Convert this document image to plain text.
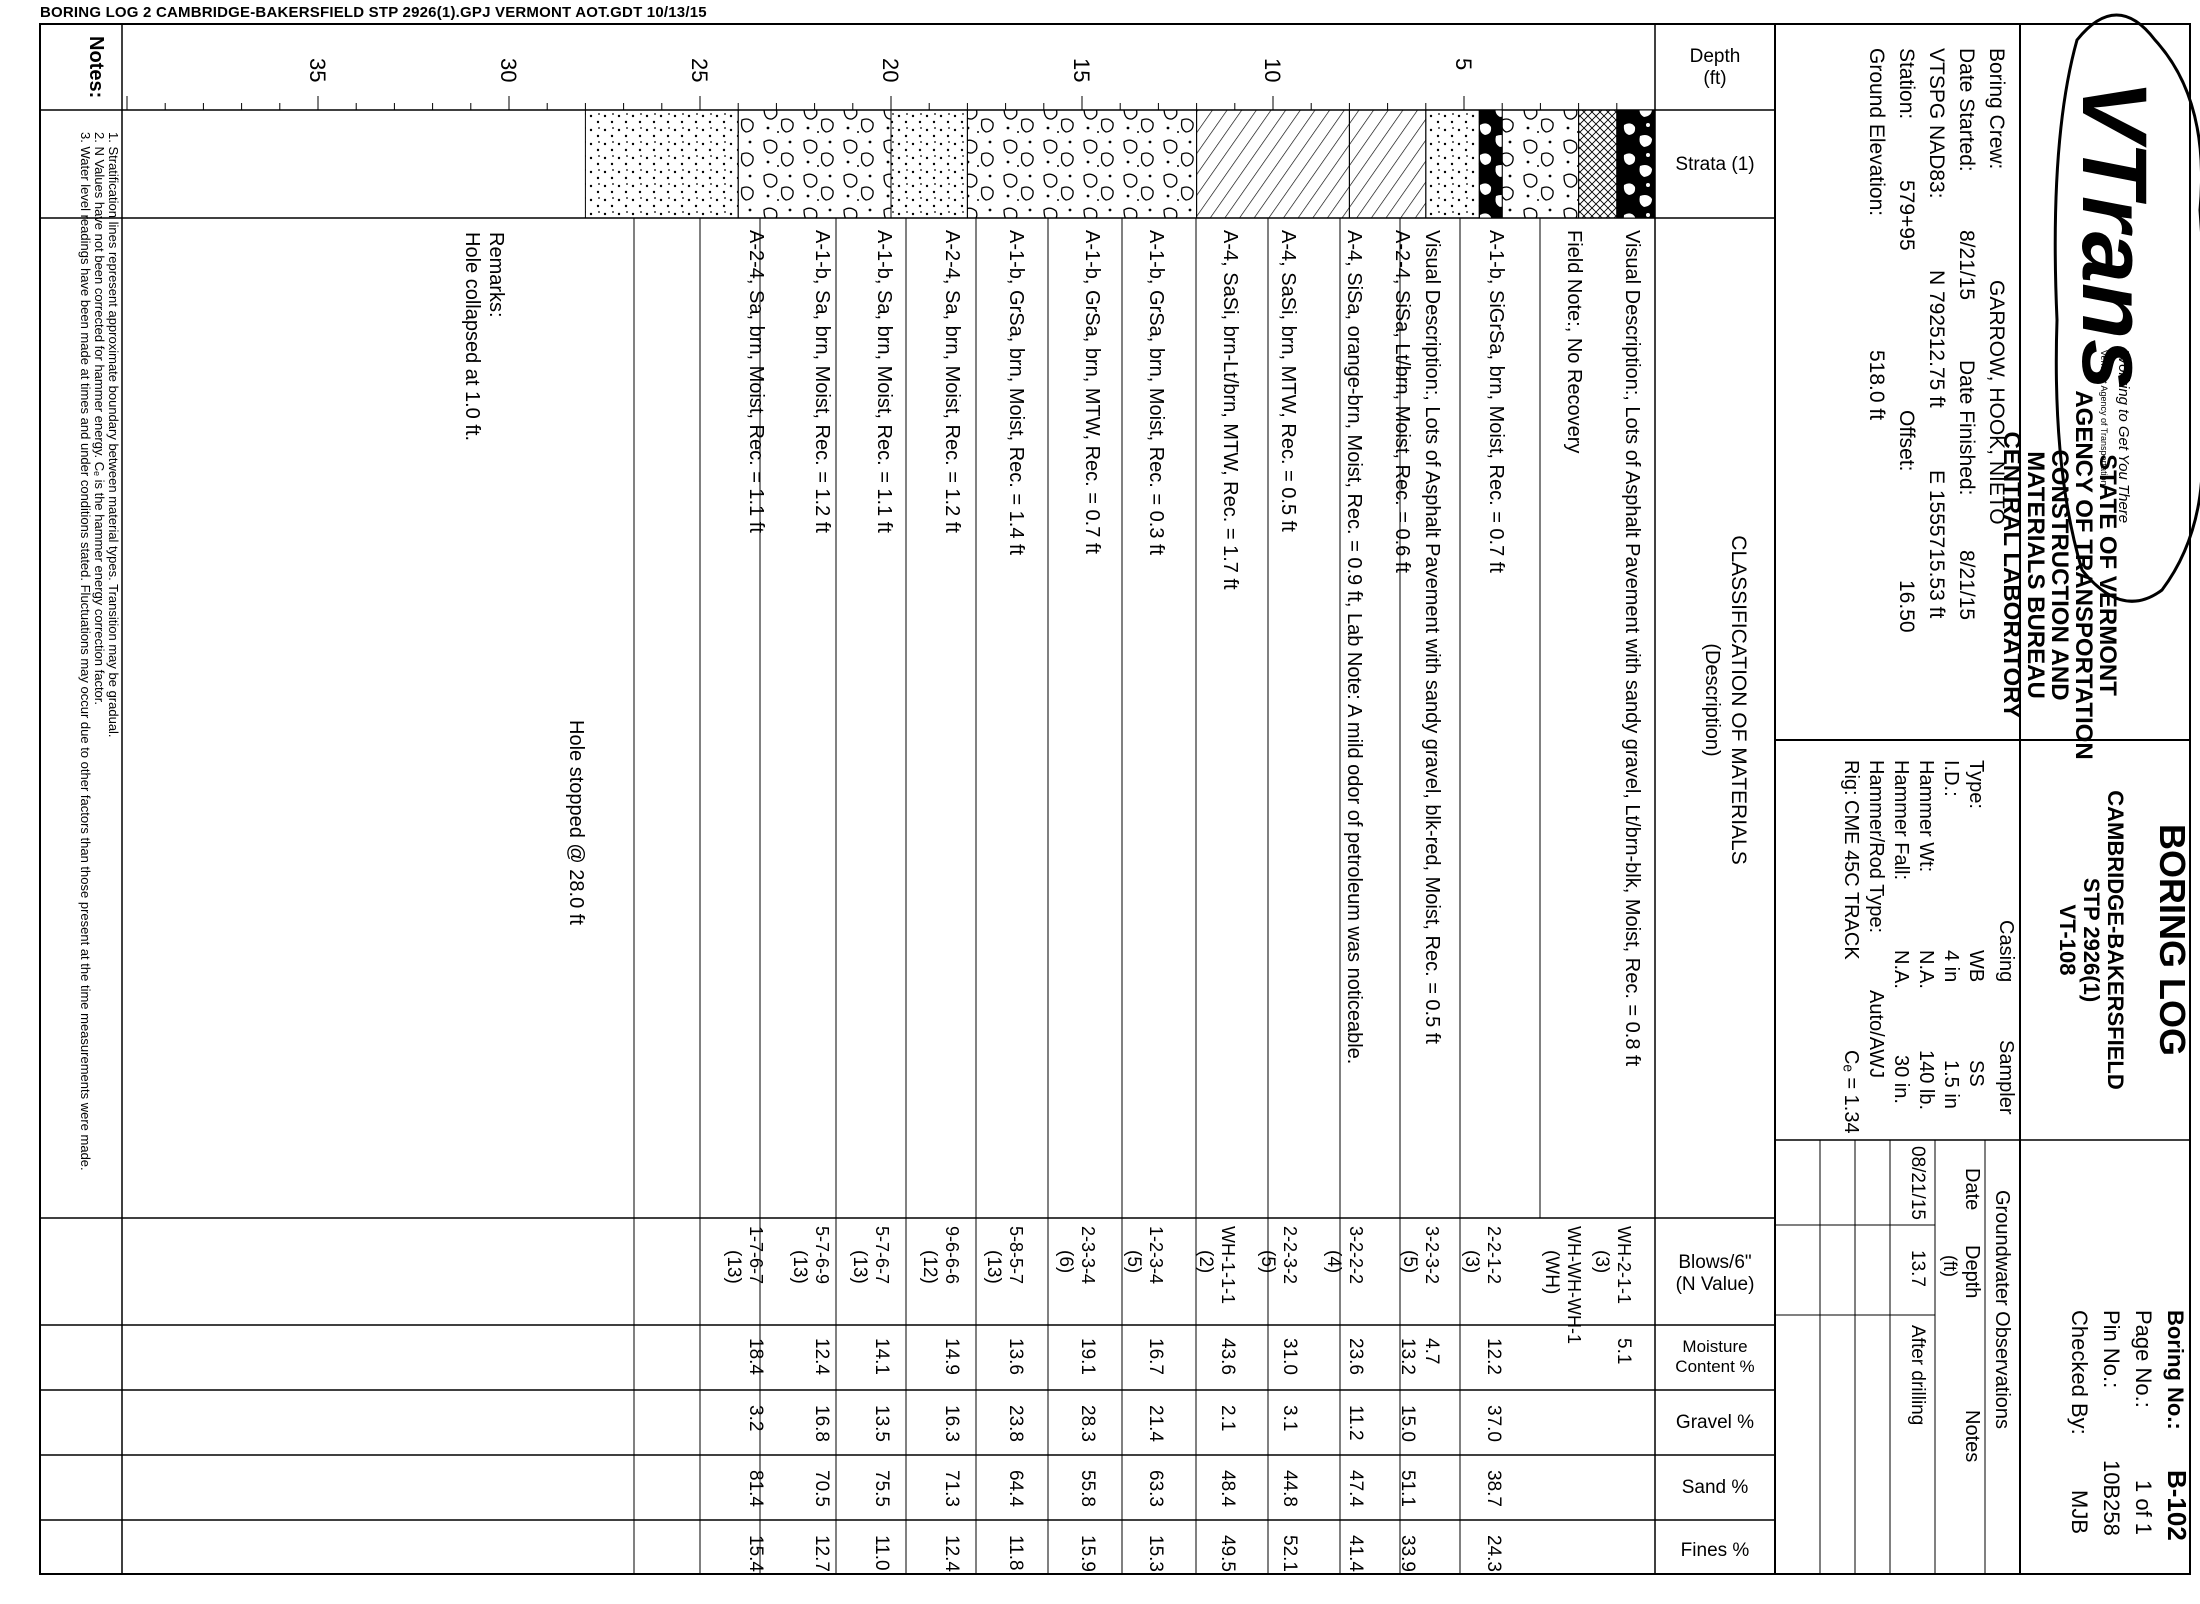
BORING LOG 2 CAMBRIDGE-BAKERSFIELD STP 2926(1).GPJ VERMONT AOT.GDT 10/13/15
VTrans
Working to Get You There
Vermont Agency of Transportation
STATE OF VERMONT
AGENCY OF TRANSPORTATION
CONSTRUCTION AND
MATERIALS BUREAU
CENTRAL LABORATORY
BORING LOG
CAMBRIDGE-BAKERSFIELD
STP 2926(1)
VT-108
Boring No.:
B-102
Page No.:
1 of 1
Pin No.:
10B258
Checked By:
MJB
Boring Crew:
GARROW, HOOK, NIETO
Date Started:
8/21/15
Date Finished:
8/21/15
VTSPG NAD83:
N 792512.75 ft
E 1555715.53 ft
Station:
579+95
Offset:
16.50
Ground Elevation:
518.0 ft
Casing
Sampler
Type:
WB
SS
I.D.:
4 in
1.5 in
Hammer Wt:
N.A.
140 lb.
Hammer Fall:
N.A.
30 in.
Hammer/Rod Type:
Auto/AWJ
Rig:
CME 45C TRACK
Cₑ = 1.34
Groundwater Observations
Date
Depth
(ft)
Notes
08/21/15
13.7
After drilling
Depth
(ft)
Strata (1)
CLASSIFICATION OF MATERIALS
(Description)
Blows/6"
(N Value)
Moisture
Content %
Gravel %
Sand %
Fines %
Notes:	5
10
15
20
25
30
35
Visual Description:, Lots of Asphalt Pavement with sandy gravel, Lt/brn-blk, Moist, Rec. = 0.8 ft
Field Note:, No Recovery
A-1-b, SiGrSa, brn, Moist, Rec. = 0.7 ft
Visual Description:, Lots of Asphalt Pavement with sandy gravel, blk-red, Moist, Rec. = 0.5 ft
A-2-4, SiSa, Lt/brn, Moist, Rec. = 0.6 ft
A-4, SiSa, orange-brn, Moist, Rec. = 0.9 ft, Lab Note: A mild odor of petroleum was noticeable.
A-4, SaSi, brn, MTW, Rec. = 0.5 ft
A-4, SaSi, brn-Lt/brn, MTW, Rec. = 1.7 ft
A-1-b, GrSa, brn, Moist, Rec. = 0.3 ft
A-1-b, GrSa, brn, MTW, Rec. = 0.7 ft
A-1-b, GrSa, brn, Moist, Rec. = 1.4 ft
A-2-4, Sa, brn, Moist, Rec. = 1.2 ft
A-1-b, Sa, brn, Moist, Rec. = 1.1 ft
A-1-b, Sa, brn, Moist, Rec. = 1.2 ft
A-2-4, Sa, brn, Moist, Rec. = 1.1 ft
WH-2-1-1
(3)
5.1
WH-WH-WH-1
(WH)
2-2-1-2
(3)
12.2
37.0
38.7
24.3
3-2-3-2
(5)
4.7
13.2
15.0
51.1
33.9
3-2-2-2
(4)
23.6
11.2
47.4
41.4
2-2-3-2
(5)
31.0
3.1
44.8
52.1
WH-1-1-1
(2)
43.6
2.1
48.4
49.5
1-2-3-4
(5)
16.7
21.4
63.3
15.3
2-3-3-4
(6)
19.1
28.3
55.8
15.9
5-8-5-7
(13)
13.6
23.8
64.4
11.8
9-6-6-6
(12)
14.9
16.3
71.3
12.4
5-7-6-7
(13)
14.1
13.5
75.5
11.0
5-7-6-9
(13)
12.4
16.8
70.5
12.7
1-7-6-7
(13)
18.4
3.2
81.4
15.4
Remarks:
Hole collapsed at 1.0 ft.
Hole stopped @ 28.0 ft
1. Stratification lines represent approximate boundary between material types. Transition may be gradual.
2. N Values have not been corrected for hammer energy. Cₑ is the hammer energy correction factor.
3. Water level readings have been made at times and under conditions stated. Fluctuations may occur due to other factors than those present at the time measurements were made.
